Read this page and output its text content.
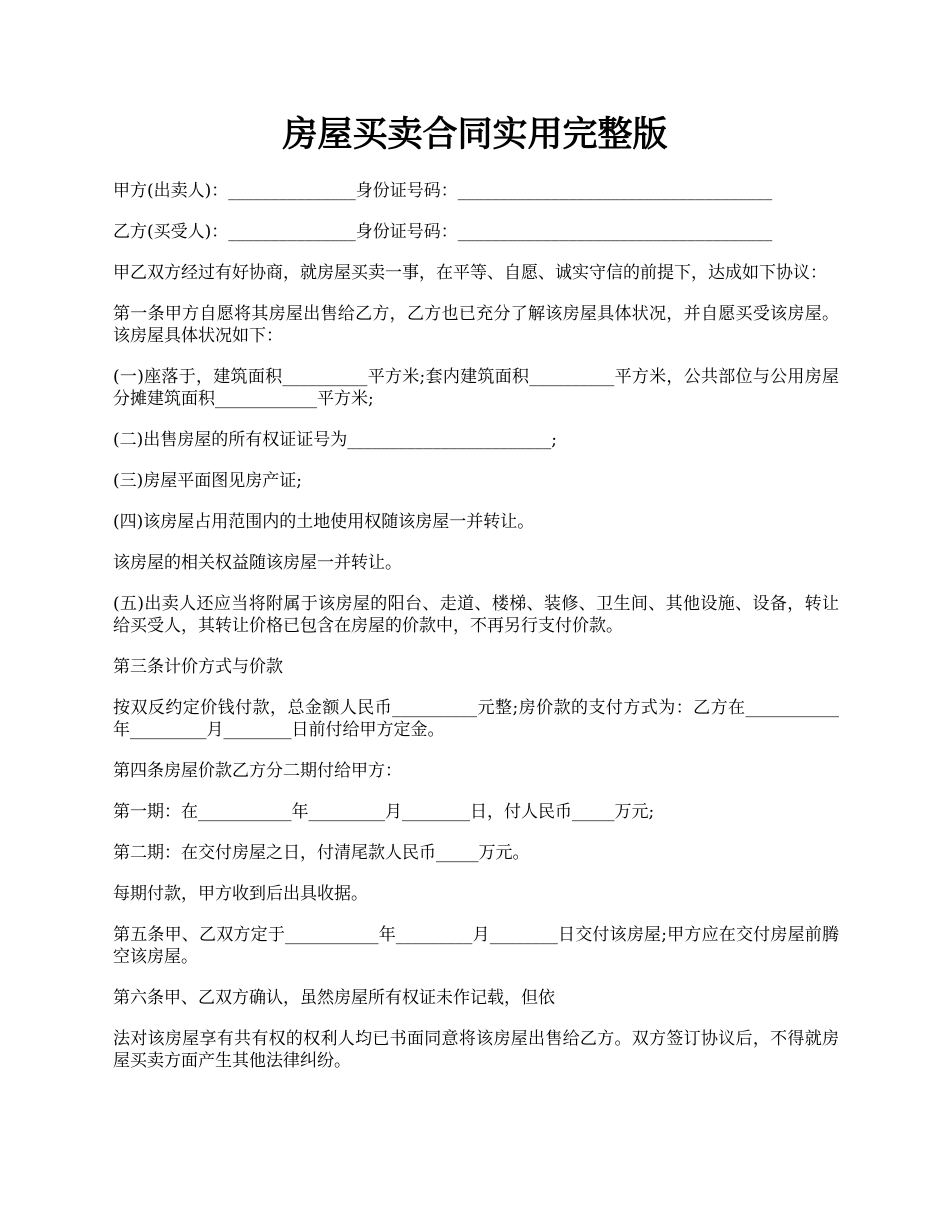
房屋买卖合同实用完整版

甲方(出卖人)：_______________身份证号码：_____________________________________

乙方(买受人)：_______________身份证号码：_____________________________________

甲乙双方经过有好协商，就房屋买卖一事，在平等、自愿、诚实守信的前提下，达成如下协议：

第一条甲方自愿将其房屋出售给乙方，乙方也已充分了解该房屋具体状况，并自愿买受该房屋。该房屋具体状况如下：

(一)座落于，建筑面积__________平方米;套内建筑面积__________平方米，公共部位与公用房屋分摊建筑面积____________平方米;

(二)出售房屋的所有权证证号为________________________;

(三)房屋平面图见房产证;

(四)该房屋占用范围内的土地使用权随该房屋一并转让。

该房屋的相关权益随该房屋一并转让。

(五)出卖人还应当将附属于该房屋的阳台、走道、楼梯、装修、卫生间、其他设施、设备，转让给买受人，其转让价格已包含在房屋的价款中，不再另行支付价款。

第三条计价方式与价款

按双反约定价钱付款，总金额人民币__________元整;房价款的支付方式为：乙方在___________年_________月________日前付给甲方定金。

第四条房屋价款乙方分二期付给甲方：

第一期：在___________年_________月________日，付人民币_____万元;

第二期：在交付房屋之日，付清尾款人民币_____万元。

每期付款，甲方收到后出具收据。

第五条甲、乙双方定于___________年_________月________日交付该房屋;甲方应在交付房屋前腾空该房屋。

第六条甲、乙双方确认，虽然房屋所有权证未作记载，但依

法对该房屋享有共有权的权利人均已书面同意将该房屋出售给乙方。双方签订协议后，不得就房屋买卖方面产生其他法律纠纷。
